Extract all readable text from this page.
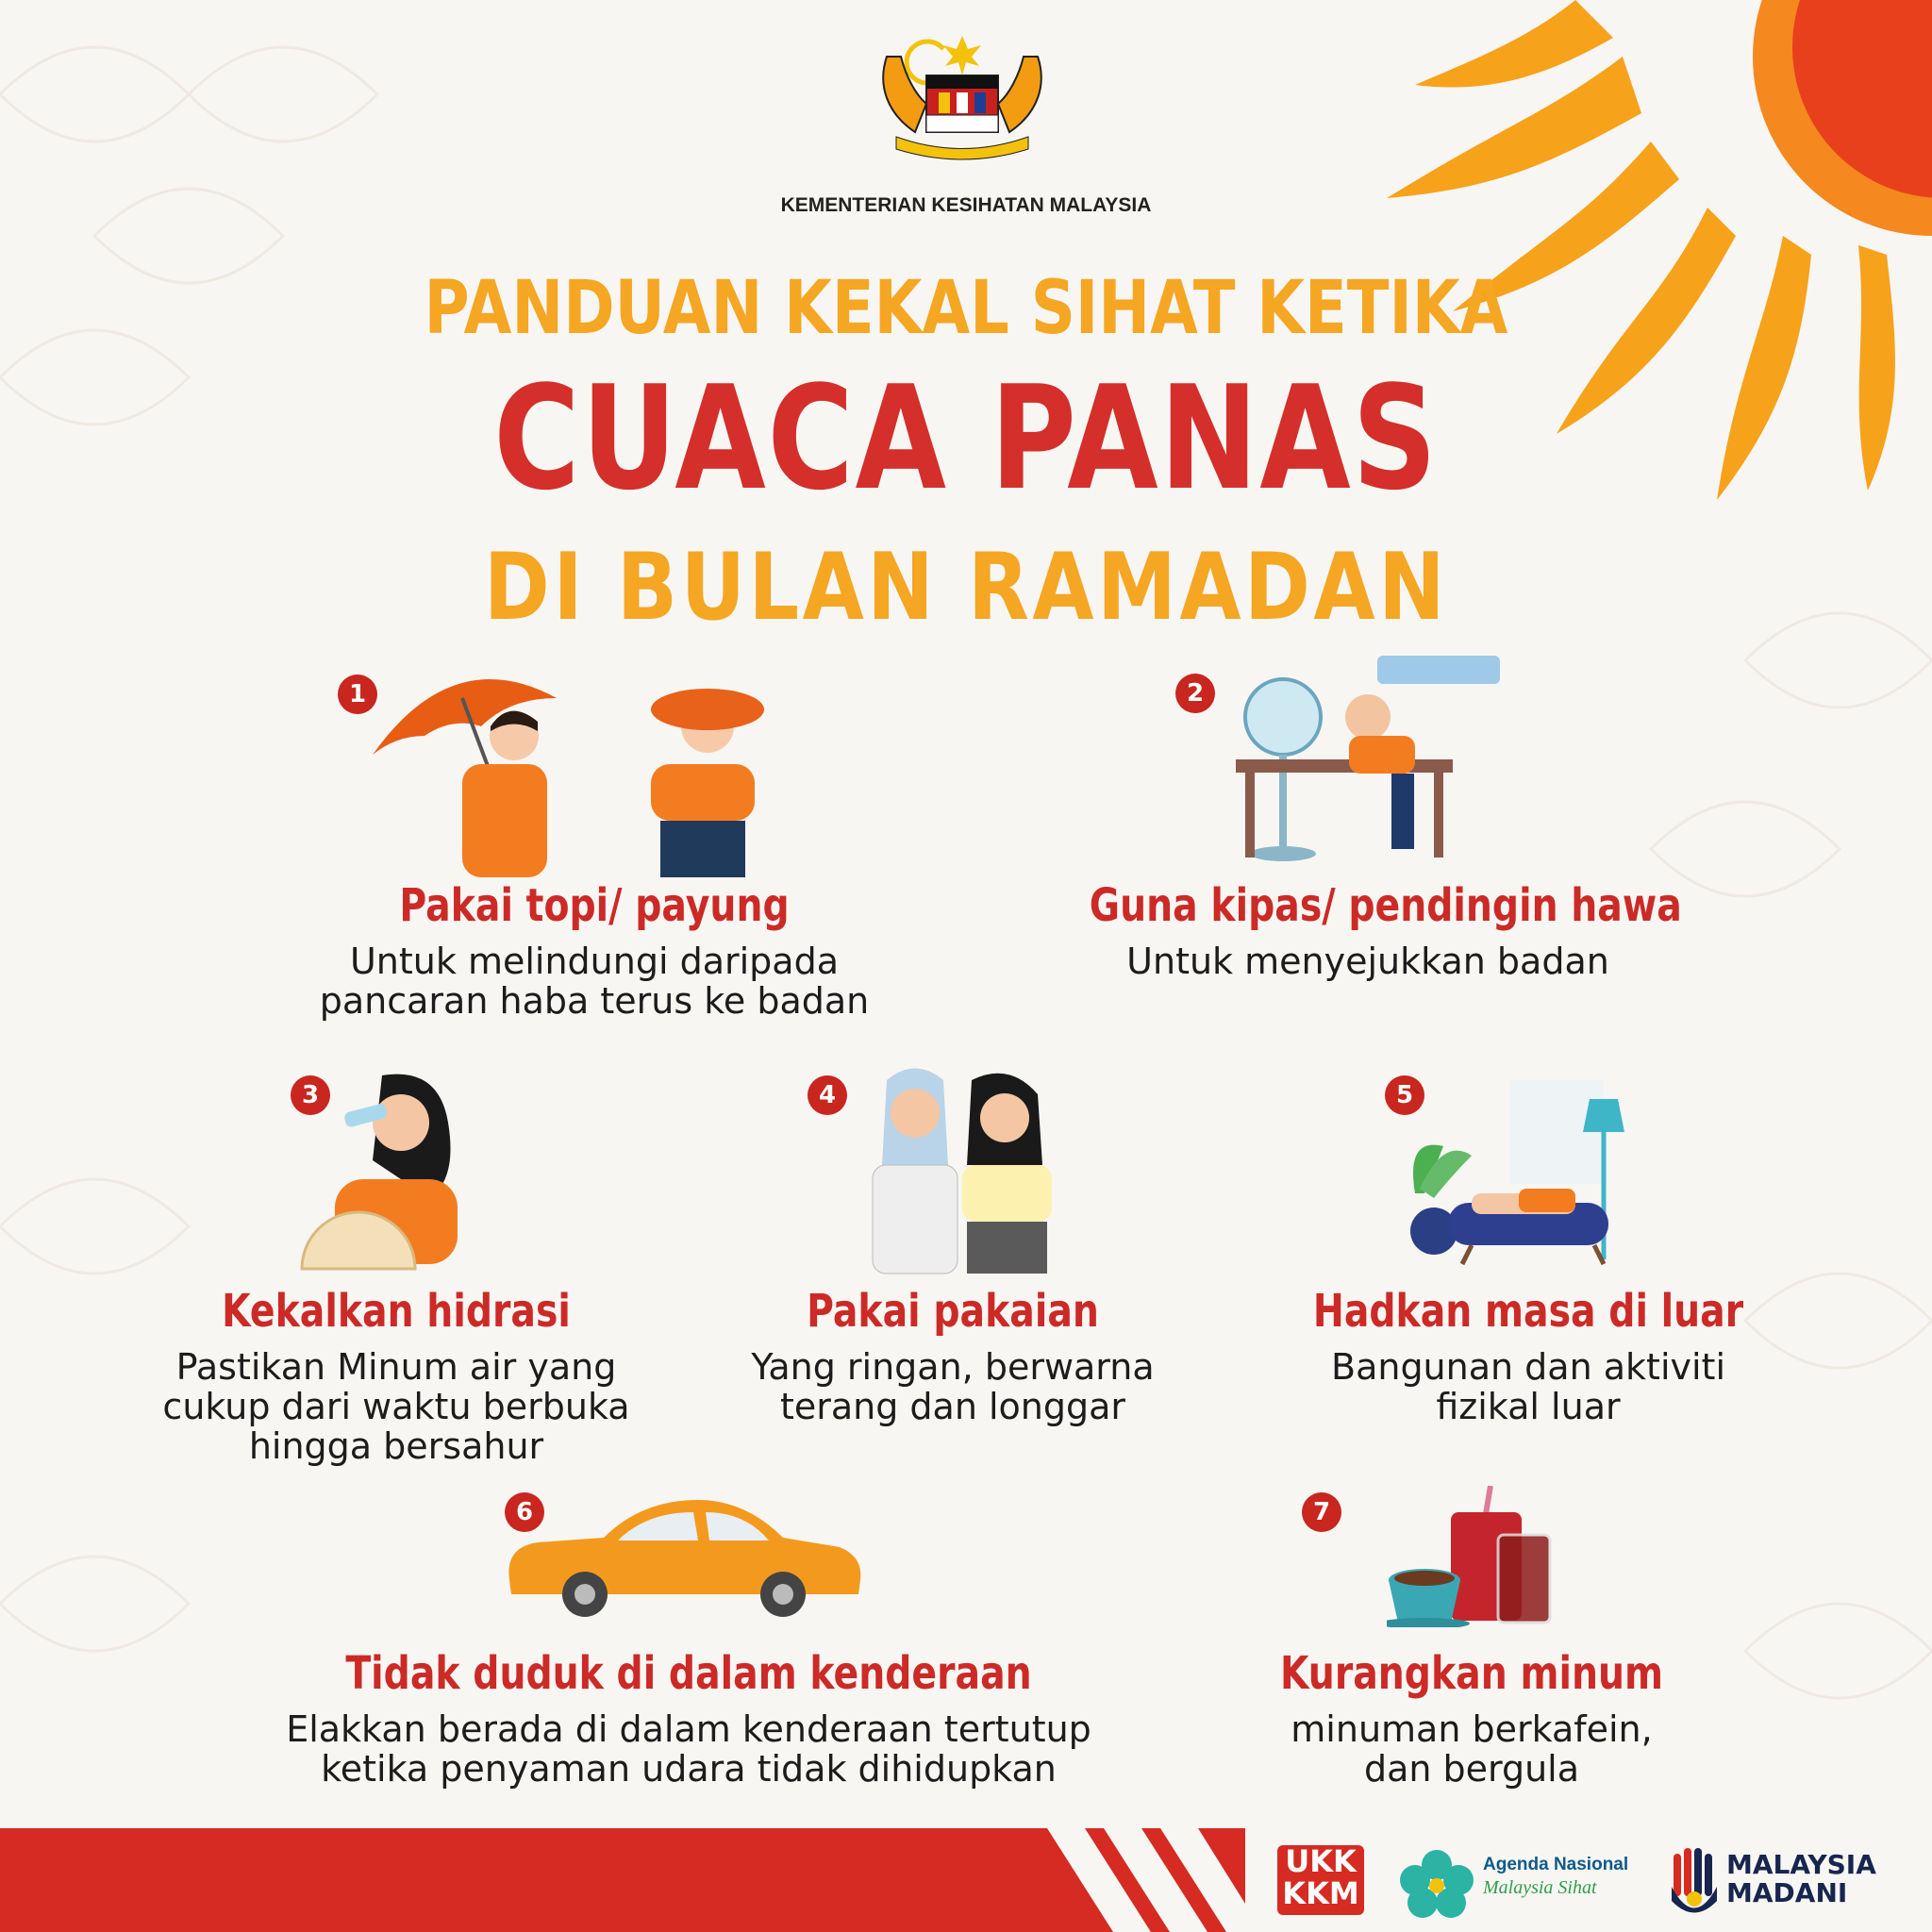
KEMENTERIAN KESIHATAN MALAYSIA
PANDUAN KEKAL SIHAT KETIKA
CUACA PANAS
DI BULAN RAMADAN
1
Pakai topi/ payung
Untuk melindungi daripada
pancaran haba terus ke badan
2
Guna kipas/ pendingin hawa
Untuk menyejukkan badan
3
Kekalkan hidrasi
Pastikan Minum air yang
cukup dari waktu berbuka
hingga bersahur
4
Pakai pakaian
Yang ringan, berwarna
terang dan longgar
5
Hadkan masa di luar
Bangunan dan aktiviti
fizikal luar
6
Tidak duduk di dalam kenderaan
Elakkan berada di dalam kenderaan tertutup
ketika penyaman udara tidak dihidupkan
7
Kurangkan minum
minuman berkafein,
dan bergula
UKK
KKM
Agenda Nasional
Malaysia Sihat
MALAYSIA
MADANI
